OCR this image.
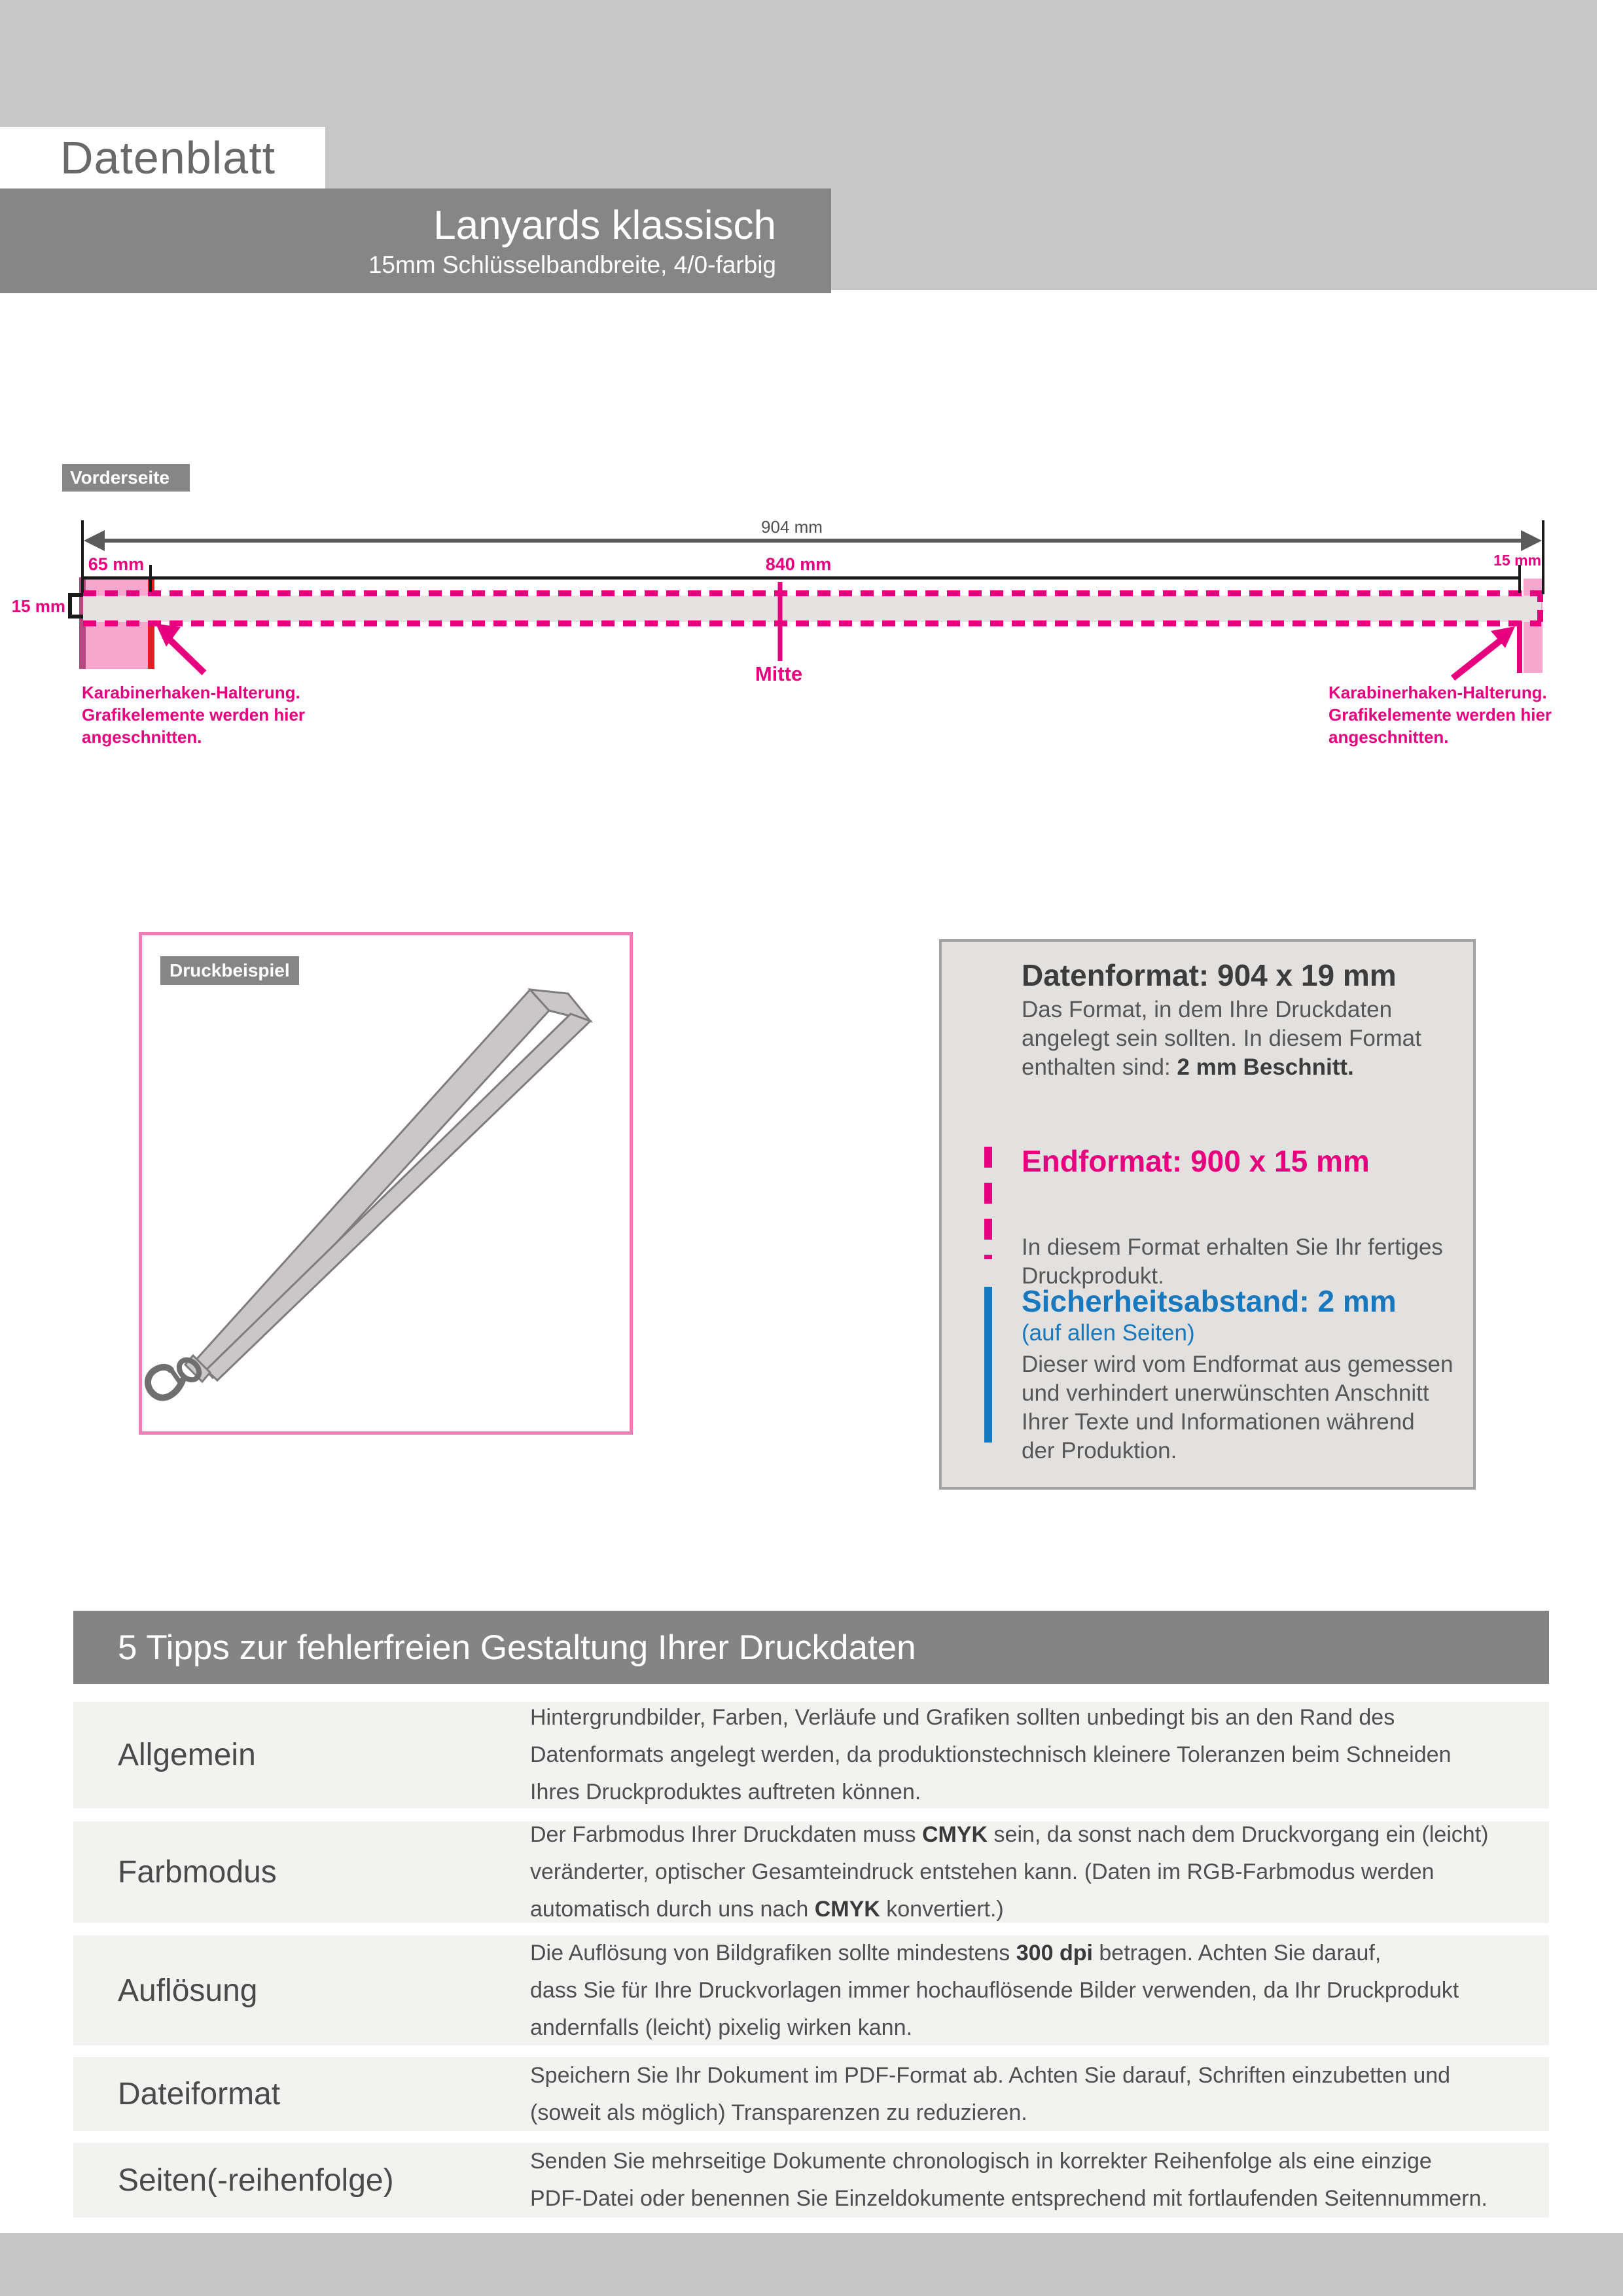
Datenblatt
Lanyards klassisch
15mm Schlüsselbandbreite, 4/0-farbig
Vorderseite
904 mm
65 mm	840 mm	15 mm
15 mm
Mitte
Karabinerhaken-Halterung.
Grafikelemente werden hier
angeschnitten.
Karabinerhaken-Halterung.
Grafikelemente werden hier
angeschnitten.
Druckbeispiel	Datenformat: 904 x 19 mm
Das Format, in dem Ihre Druckdaten
angelegt sein sollten. In diesem Format
enthalten sind: 2 mm Beschnitt.
Endformat: 900 x 15 mm
In diesem Format erhalten Sie Ihr fertiges
Druckprodukt.
Sicherheitsabstand: 2 mm
(auf allen Seiten)
Dieser wird vom Endformat aus gemessen
und verhindert unerwünschten Anschnitt
Ihrer Texte und Informationen während
der Produktion.
5 Tipps zur fehlerfreien Gestaltung Ihrer Druckdaten
Allgemein
Hintergrundbilder, Farben, Verläufe und Grafiken sollten unbedingt bis an den Rand des
Datenformats angelegt werden, da produktionstechnisch kleinere Toleranzen beim Schneiden
Ihres Druckproduktes auftreten können.
Farbmodus
Der Farbmodus Ihrer Druckdaten muss CMYK sein, da sonst nach dem Druckvorgang ein (leicht)
veränderter, optischer Gesamteindruck entstehen kann. (Daten im RGB-Farbmodus werden
automatisch durch uns nach CMYK konvertiert.)
Auflösung
Die Auflösung von Bildgrafiken sollte mindestens 300 dpi betragen. Achten Sie darauf,
dass Sie für Ihre Druckvorlagen immer hochauflösende Bilder verwenden, da Ihr Druckprodukt
andernfalls (leicht) pixelig wirken kann.
Dateiformat
Speichern Sie Ihr Dokument im PDF-Format ab. Achten Sie darauf, Schriften einzubetten und
(soweit als möglich) Transparenzen zu reduzieren.
Seiten(-reihenfolge)
Senden Sie mehrseitige Dokumente chronologisch in korrekter Reihenfolge als eine einzige
PDF-Datei oder benennen Sie Einzeldokumente entsprechend mit fortlaufenden Seitennummern.
